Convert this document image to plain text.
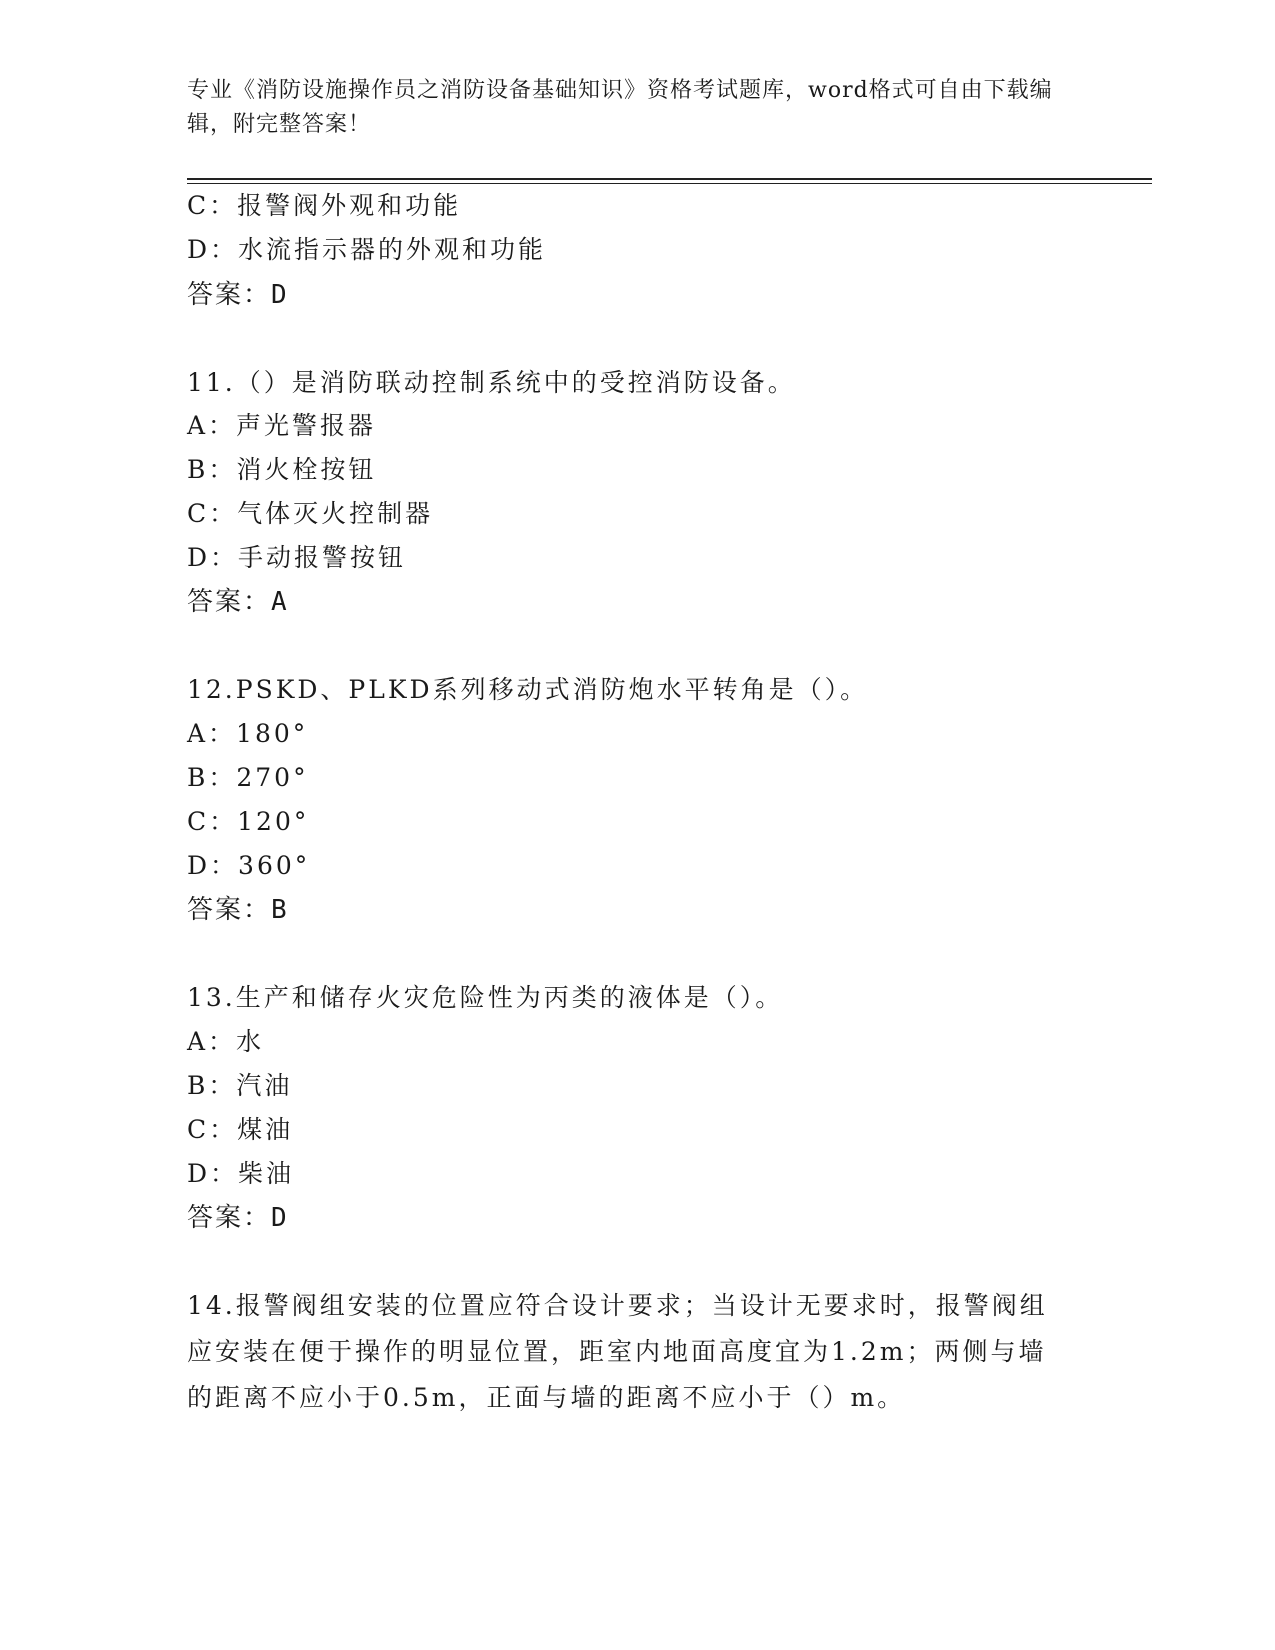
专业《消防设施操作员之消防设备基础知识》资格考试题库，word格式可自由下载编辑，附完整答案！
C：报警阀外观和功能
D：水流指示器的外观和功能
答案：D
11.（）是消防联动控制系统中的受控消防设备。
A：声光警报器
B：消火栓按钮
C：气体灭火控制器
D：手动报警按钮
答案：A
12.PSKD、PLKD系列移动式消防炮水平转角是（）。
A：180°
B：270°
C：120°
D：360°
答案：B
13.生产和储存火灾危险性为丙类的液体是（）。
A：水
B：汽油
C：煤油
D：柴油
答案：D
14.报警阀组安装的位置应符合设计要求；当设计无要求时，报警阀组应安装在便于操作的明显位置，距室内地面高度宜为1.2m；两侧与墙的距离不应小于0.5m，正面与墙的距离不应小于（）m。
